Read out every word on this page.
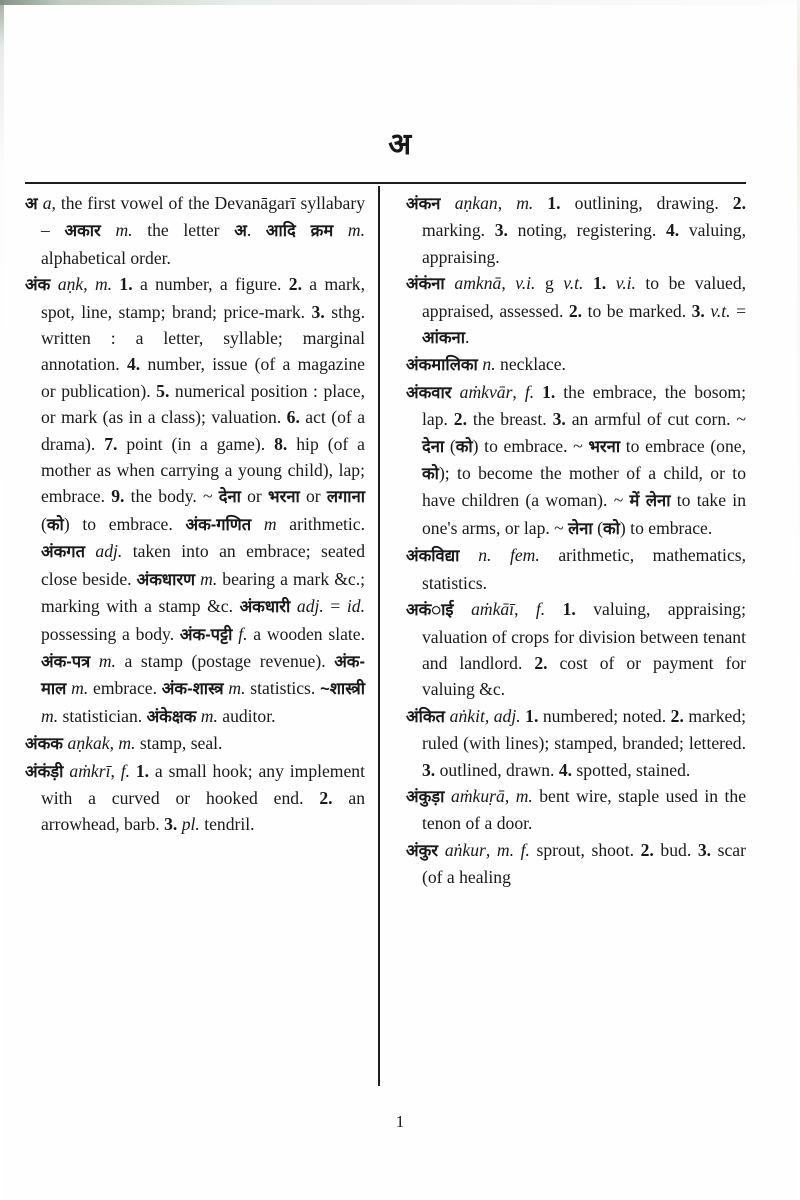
अ

अ a, the first vowel of the Devanāgarī syllabary – अकार m. the letter अ. आदि क्रम m. alphabetical order.

अंक aṇk, m. 1. a number, a figure. 2. a mark, spot, line, stamp; brand; price-mark. 3. sthg. written : a letter, syllable; marginal annotation. 4. number, issue (of a magazine or publication). 5. numerical position : place, or mark (as in a class); valuation. 6. act (of a drama). 7. point (in a game). 8. hip (of a mother as when carrying a young child), lap; embrace. 9. the body. ~ देना or भरना or लगाना (को) to embrace. अंक-गणित m arithmetic. अंकगत adj. taken into an embrace; seated close beside. अंकधारण m. bearing a mark &c.; marking with a stamp &c. अंकधारी adj. = id. possessing a body. अंक-पट्टी f. a wooden slate. अंक-पत्र m. a stamp (postage revenue). अंक-माल m. embrace. अंक-शास्त्र m. statistics. ~शास्त्री m. statistician. अंकेक्षक m. auditor.

अंकक aṇkak, m. stamp, seal.

अंकंड़ी aṁkrī, f. 1. a small hook; any implement with a curved or hooked end. 2. an arrowhead, barb. 3. pl. tendril.

अंकन aṇkan, m. 1. outlining, drawing. 2. marking. 3. noting, registering. 4. valuing, appraising.

अंकंना amknā, v.i. g v.t. 1. v.i. to be valued, appraised, assessed. 2. to be marked. 3. v.t. = आंकना.

अंकमालिका n. necklace.

अंकवार aṁkvār, f. 1. the embrace, the bosom; lap. 2. the breast. 3. an armful of cut corn. ~ देना (को) to embrace. ~ भरना to embrace (one, को); to become the mother of a child, or to have children (a woman). ~ में लेना to take in one's arms, or lap. ~ लेना (को) to embrace.

अंकविद्या n. fem. arithmetic, mathematics, statistics.

अकंाई aṁkāī, f. 1. valuing, appraising; valuation of crops for division between tenant and landlord. 2. cost of or payment for valuing &c.

अंकित aṅkit, adj. 1. numbered; noted. 2. marked; ruled (with lines); stamped, branded; lettered. 3. outlined, drawn. 4. spotted, stained.

अंकुड़ा aṁkuṛā, m. bent wire, staple used in the tenon of a door.

अंकुर aṅkur, m. f. sprout, shoot. 2. bud. 3. scar (of a healing

1
